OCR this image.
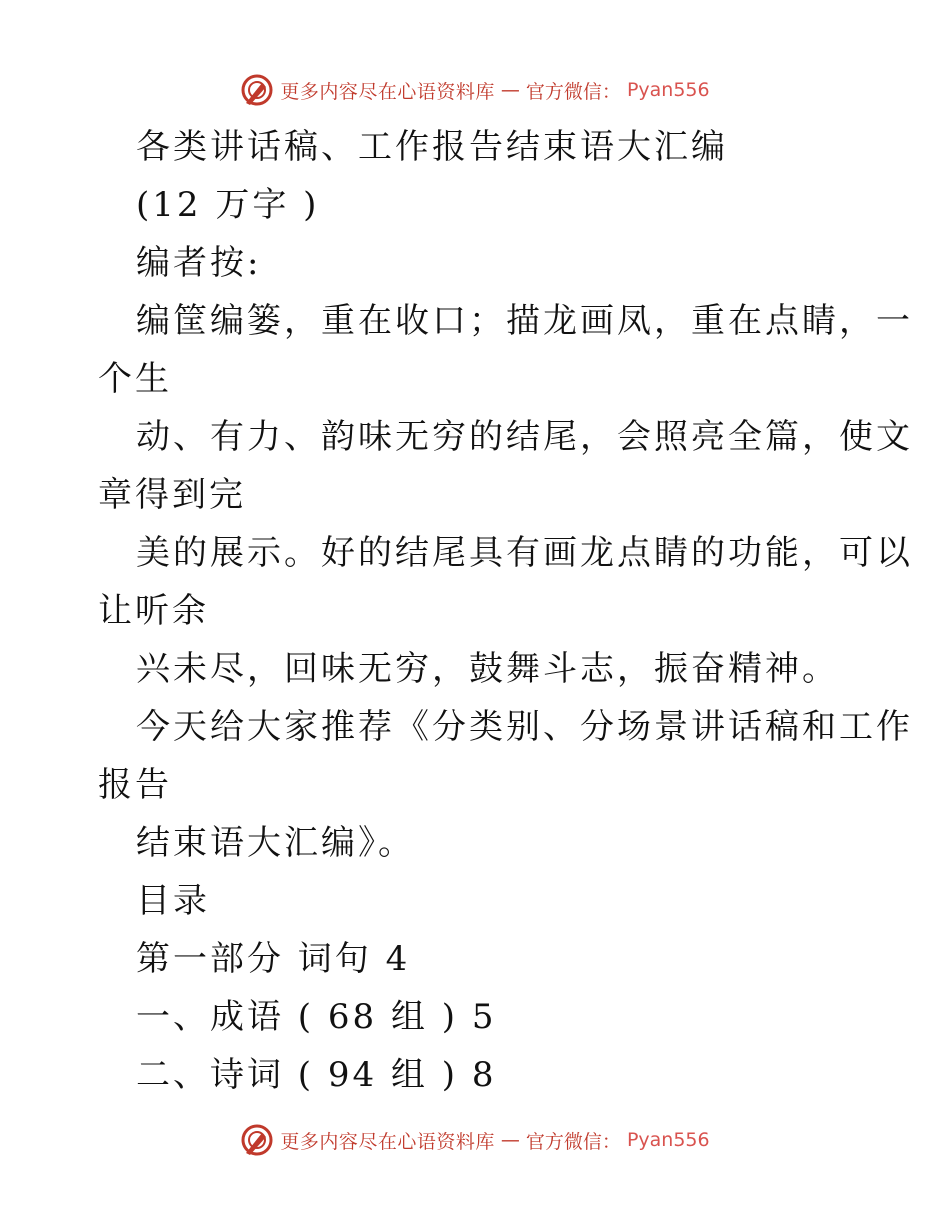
更多内容尽在心语资料库 — 官方微信： Pyan556
各类讲话稿、工作报告结束语大汇编
(12 万字 )
编者按:
编筐编篓，重在收口；描龙画凤，重在点睛，一
个生
动、有力、韵味无穷的结尾，会照亮全篇，使文
章得到完
美的展示。好的结尾具有画龙点睛的功能，可以
让听余
兴未尽，回味无穷，鼓舞斗志，振奋精神。
今天给大家推荐《分类别、分场景讲话稿和工作
报告
结束语大汇编》。
目录
第一部分 词句 4
一、成语 ( 68 组 ) 5
二、诗词 ( 94 组 ) 8
更多内容尽在心语资料库 — 官方微信： Pyan556
